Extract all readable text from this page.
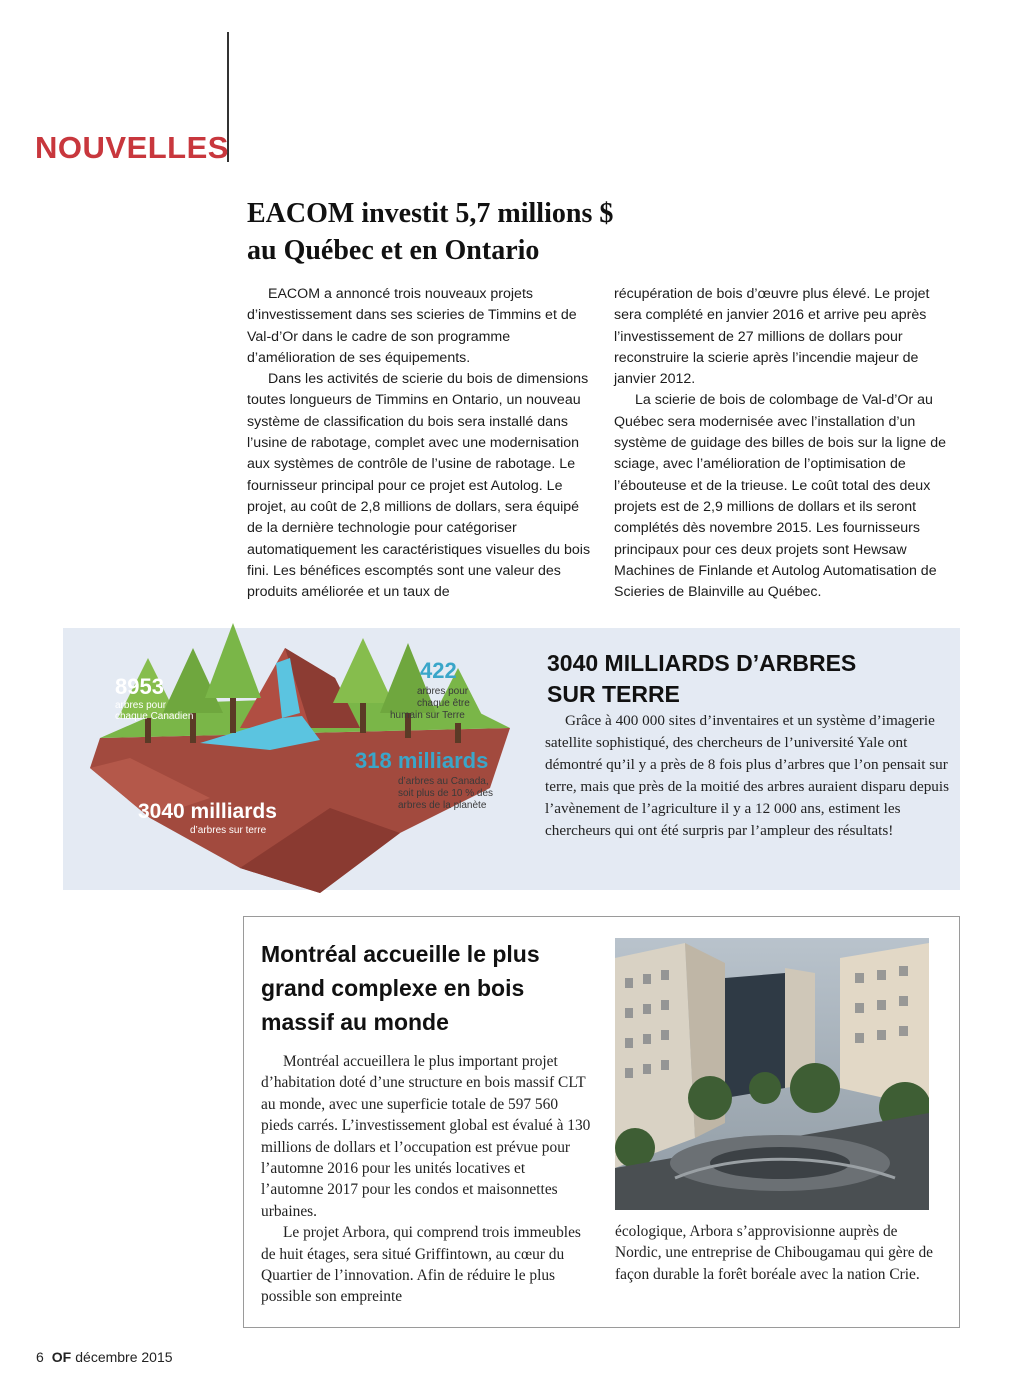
NOUVELLES
EACOM investit 5,7 millions $
au Québec et en Ontario

EACOM a annoncé trois nouveaux projets d’investissement dans ses scieries de Timmins et de Val-d’Or dans le cadre de son programme d’amélioration de ses équipements.

Dans les activités de scierie du bois de dimensions toutes longueurs de Timmins en Ontario, un nouveau système de classification du bois sera installé dans l’usine de rabotage, complet avec une modernisation aux systèmes de contrôle de l’usine de rabotage. Le fournisseur principal pour ce projet est Autolog. Le projet, au coût de 2,8 millions de dollars, sera équipé de la dernière technologie pour catégoriser automatiquement les caractéristiques visuelles du bois fini. Les bénéfices escomptés sont une valeur des produits améliorée et un taux de

récupération de bois d’œuvre plus élevé. Le projet sera complété en janvier 2016 et arrive peu après l’investissement de 27 millions de dollars pour reconstruire la scierie après l’incendie majeur de janvier 2012.

La scierie de bois de colombage de Val-d’Or au Québec sera modernisée avec l’installation d’un système de guidage des billes de bois sur la ligne de sciage, avec l’amélioration de l’optimisation de l’ébouteuse et de la trieuse. Le coût total des deux projets est de 2,9 millions de dollars et ils seront complétés dès novembre 2015. Les fournisseurs principaux pour ces deux projets sont Hewsaw Machines de Finlande et Autolog Automatisation de Scieries de Blainville au Québec.

8953
arbres pour
chaque Canadien
422
arbres pour
chaque être
humain sur Terre
318 milliards
d’arbres au Canada,
soit plus de 10 % des
arbres de la planète
3040 milliards
d’arbres sur terre
3040 MILLIARDS D’ARBRES
SUR TERRE

Grâce à 400 000 sites d’inventaires et un système d’imagerie satellite sophistiqué, des chercheurs de l’université Yale ont démontré qu’il y a près de 8 fois plus d’arbres que l’on pensait sur terre, mais que près de la moitié des arbres auraient disparu depuis l’avènement de l’agriculture il y a 12 000 ans, estiment les chercheurs qui ont été surpris par l’ampleur des résultats!

Montréal accueille le plus
grand complexe en bois
massif au monde

Montréal accueillera le plus important projet d’habitation doté d’une structure en bois massif CLT au monde, avec une superficie totale de 597 560 pieds carrés. L’investissement global est évalué à 130 millions de dollars et l’occupation est prévue pour l’automne 2016 pour les unités locatives et l’automne 2017 pour les condos et maisonnettes urbaines.

Le projet Arbora, qui comprend trois immeubles de huit étages, sera situé Griffintown, au cœur du Quartier de l’innovation. Afin de réduire le plus possible son empreinte

écologique, Arbora s’approvisionne auprès de Nordic, une entreprise de Chibougamau qui gère de façon durable la forêt boréale avec la nation Crie.

6 OF décembre 2015
